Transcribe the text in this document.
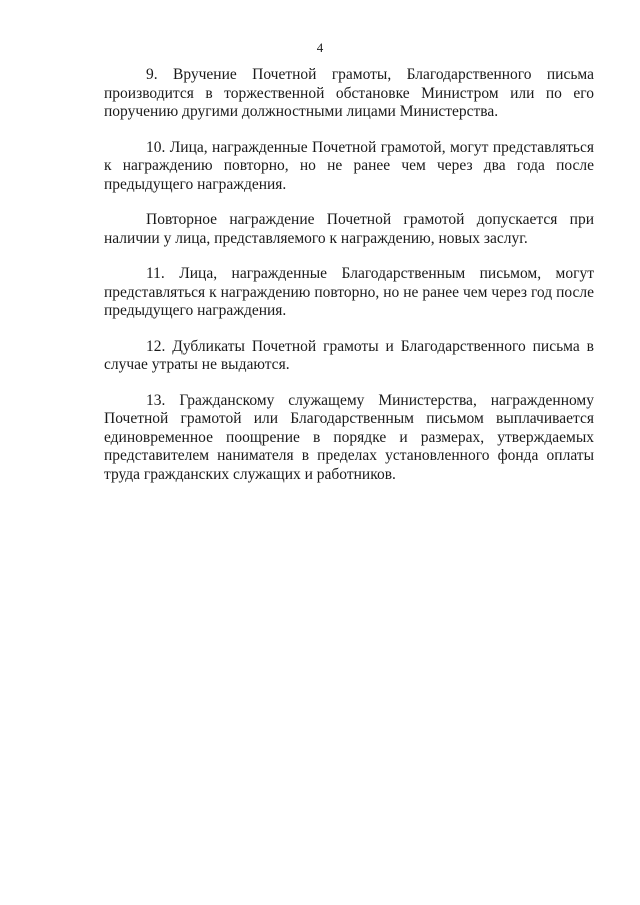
4

9. Вручение Почетной грамоты, Благодарственного письма производится в торжественной обстановке Министром или по его поручению другими должностными лицами Министерства.

10. Лица, награжденные Почетной грамотой, могут представляться к награждению повторно, но не ранее чем через два года после предыдущего награждения.

Повторное награждение Почетной грамотой допускается при наличии у лица, представляемого к награждению, новых заслуг.

11. Лица, награжденные Благодарственным письмом, могут представляться к награждению повторно, но не ранее чем через год после предыдущего награждения.

12. Дубликаты Почетной грамоты и Благодарственного письма в случае утраты не выдаются.

13. Гражданскому служащему Министерства, награжденному Почетной грамотой или Благодарственным письмом выплачивается единовременное поощрение в порядке и размерах, утверждаемых представителем нанимателя в пределах установленного фонда оплаты труда гражданских служащих и работников.
